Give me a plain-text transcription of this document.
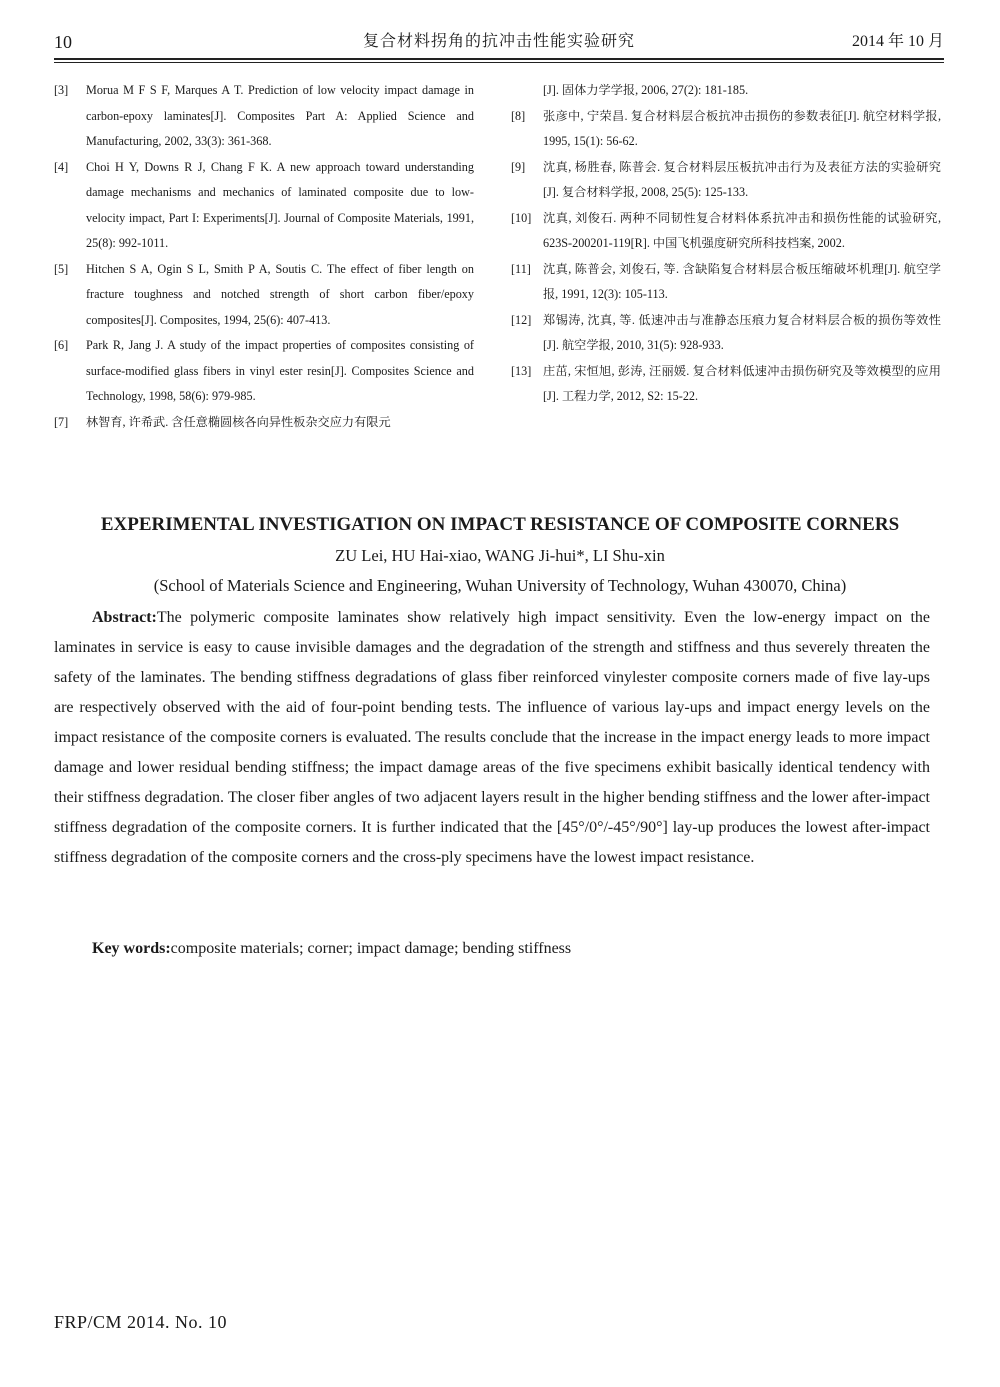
10	复合材料拐角的抗冲击性能实验研究	2014 年 10 月
[3] Morua M F S F, Marques A T. Prediction of low velocity impact damage in carbon-epoxy laminates[J]. Composites Part A: Applied Science and Manufacturing, 2002, 33(3): 361-368.
[4] Choi H Y, Downs R J, Chang F K. A new approach toward understanding damage mechanisms and mechanics of laminated composite due to low-velocity impact, Part I: Experiments[J]. Journal of Composite Materials, 1991, 25(8): 992-1011.
[5] Hitchen S A, Ogin S L, Smith P A, Soutis C. The effect of fiber length on fracture toughness and notched strength of short carbon fiber/epoxy composites[J]. Composites, 1994, 25(6): 407-413.
[6] Park R, Jang J. A study of the impact properties of composites consisting of surface-modified glass fibers in vinyl ester resin[J]. Composites Science and Technology, 1998, 58(6): 979-985.
[7] 林智育, 许希武. 含任意椭圆核各向异性板杂交应力有限元
[J]. 固体力学学报, 2006, 27(2): 181-185.
[8] 张彦中, 宁荣昌. 复合材料层合板抗冲击损伤的参数表征[J]. 航空材料学报, 1995, 15(1): 56-62.
[9] 沈真, 杨胜春, 陈普会. 复合材料层压板抗冲击行为及表征方法的实验研究[J]. 复合材料学报, 2008, 25(5): 125-133.
[10] 沈真, 刘俊石. 两种不同韧性复合材料体系抗冲击和损伤性能的试验研究, 623S-200201-119[R]. 中国飞机强度研究所科技档案, 2002.
[11] 沈真, 陈普会, 刘俊石, 等. 含缺陷复合材料层合板压缩破坏机理[J]. 航空学报, 1991, 12(3): 105-113.
[12] 郑锡涛, 沈真, 等. 低速冲击与准静态压痕力复合材料层合板的损伤等效性[J]. 航空学报, 2010, 31(5): 928-933.
[13] 庄茁, 宋恒旭, 彭涛, 汪丽媛. 复合材料低速冲击损伤研究及等效模型的应用[J]. 工程力学, 2012, S2: 15-22.
EXPERIMENTAL INVESTIGATION ON IMPACT RESISTANCE OF COMPOSITE CORNERS
ZU Lei, HU Hai-xiao, WANG Ji-hui*, LI Shu-xin
(School of Materials Science and Engineering, Wuhan University of Technology, Wuhan 430070, China)

Abstract:The polymeric composite laminates show relatively high impact sensitivity. Even the low-energy impact on the laminates in service is easy to cause invisible damages and the degradation of the strength and stiffness and thus severely threaten the safety of the laminates. The bending stiffness degradations of glass fiber reinforced vinylester composite corners made of five lay-ups are respectively observed with the aid of four-point bending tests. The influence of various lay-ups and impact energy levels on the impact resistance of the composite corners is evaluated. The results conclude that the increase in the impact energy leads to more impact damage and lower residual bending stiffness; the impact damage areas of the five specimens exhibit basically identical tendency with their stiffness degradation. The closer fiber angles of two adjacent layers result in the higher bending stiffness and the lower after-impact stiffness degradation of the composite corners. It is further indicated that the [45°/0°/-45°/90°] lay-up produces the lowest after-impact stiffness degradation of the composite corners and the cross-ply specimens have the lowest impact resistance.

Key words:composite materials; corner; impact damage; bending stiffness

FRP/CM 2014. No. 10
